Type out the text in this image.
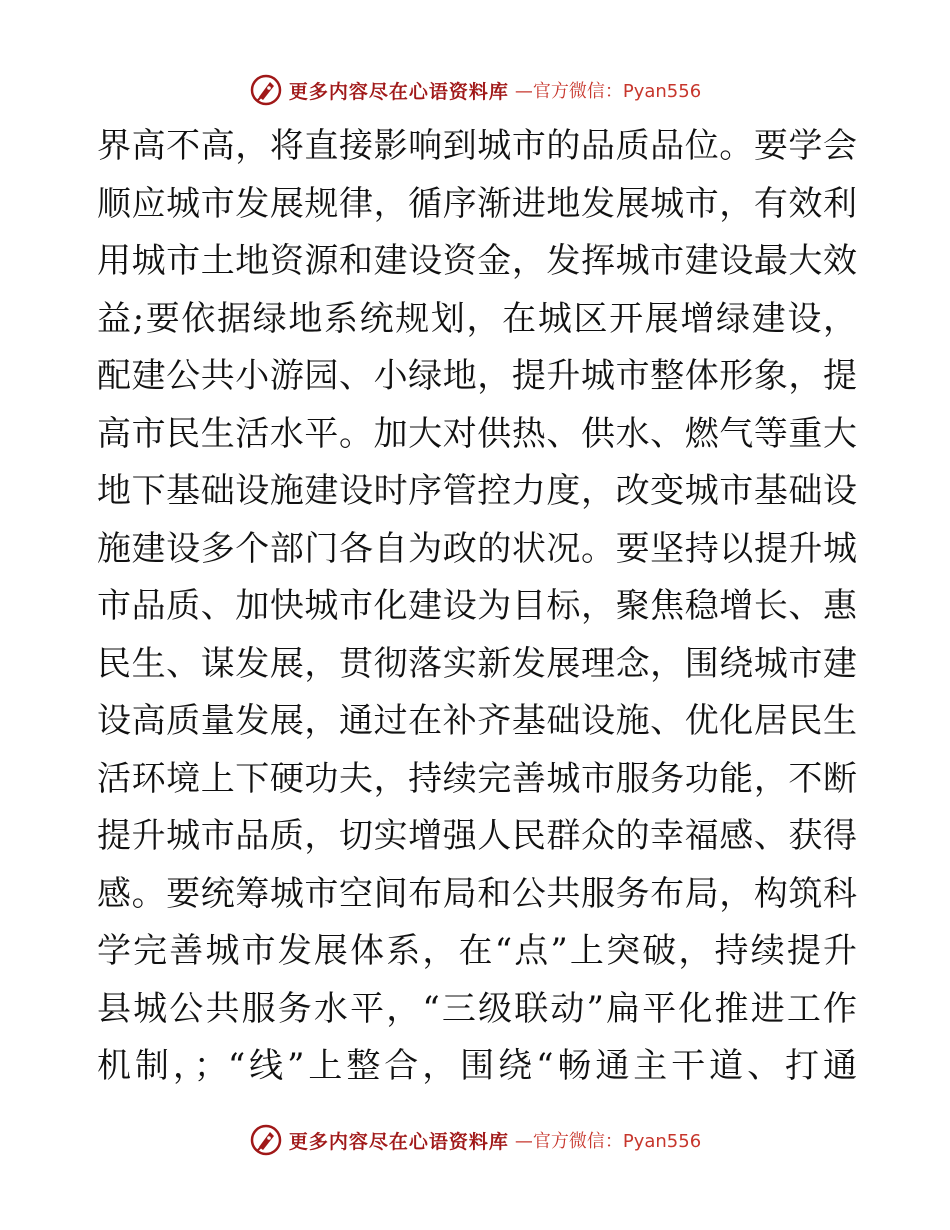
更多内容尽在心语资料库 —官方微信：Pyan556
界高不高，将直接影响到城市的品质品位。要学会
顺应城市发展规律，循序渐进地发展城市，有效利
用城市土地资源和建设资金，发挥城市建设最大效
益;要依据绿地系统规划，在城区开展增绿建设，
配建公共小游园、小绿地，提升城市整体形象，提
高市民生活水平。加大对供热、供水、燃气等重大
地下基础设施建设时序管控力度，改变城市基础设
施建设多个部门各自为政的状况。要坚持以提升城
市品质、加快城市化建设为目标，聚焦稳增长、惠
民生、谋发展，贯彻落实新发展理念，围绕城市建
设高质量发展，通过在补齐基础设施、优化居民生
活环境上下硬功夫，持续完善城市服务功能，不断
提升城市品质，切实增强人民群众的幸福感、获得
感。要统筹城市空间布局和公共服务布局，构筑科
学完善城市发展体系，在“点”上突破，持续提升
县城公共服务水平，“三级联动”扁平化推进工作
机制，；“线”上整合，围绕“畅通主干道、打通
更多内容尽在心语资料库 —官方微信：Pyan556
